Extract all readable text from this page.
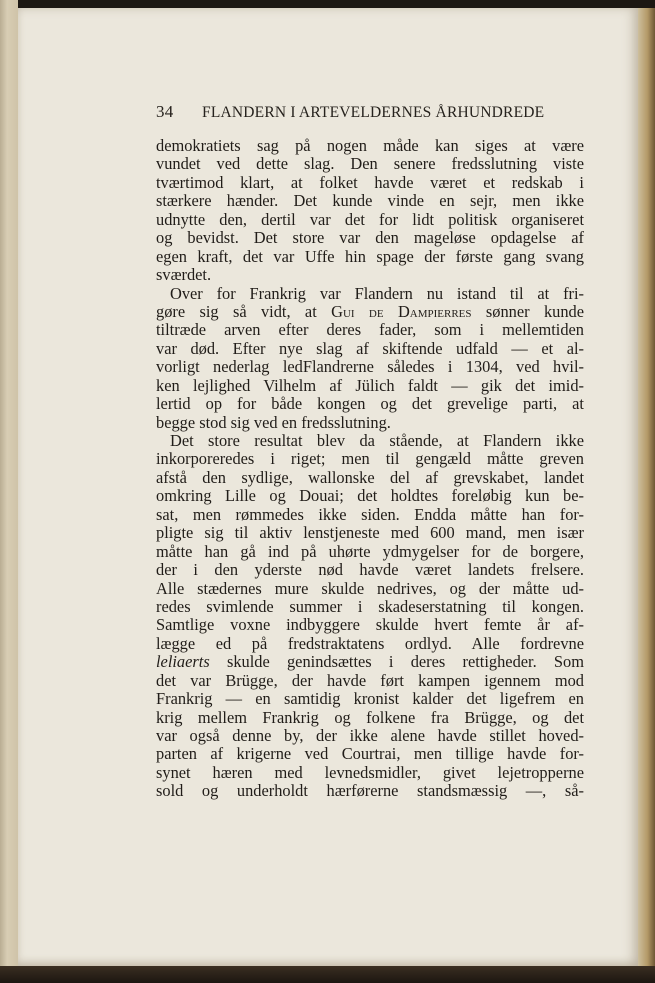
34 FLANDERN I ARTEVELDERNES ÅRHUNDREDE
demokratiets sag på nogen måde kan siges at være
vundet ved dette slag. Den senere fredsslutning viste
tværtimod klart, at folket havde været et redskab i
stærkere hænder. Det kunde vinde en sejr, men ikke
udnytte den, dertil var det for lidt politisk organiseret
og bevidst. Det store var den mageløse opdagelse af
egen kraft, det var Uffe hin spage der første gang svang
sværdet.
Over for Frankrig var Flandern nu istand til at fri-
gøre sig så vidt, at Gui de Dampierres sønner kunde
tiltræde arven efter deres fader, som i mellemtiden
var død. Efter nye slag af skiftende udfald — et al-
vorligt nederlag ledFlandrerne således i 1304, ved hvil-
ken lejlighed Vilhelm af Jülich faldt — gik det imid-
lertid op for både kongen og det grevelige parti, at
begge stod sig ved en fredsslutning.
Det store resultat blev da stående, at Flandern ikke
inkorporeredes i riget; men til gengæld måtte greven
afstå den sydlige, wallonske del af grevskabet, landet
omkring Lille og Douai; det holdtes foreløbig kun be-
sat, men rømmedes ikke siden. Endda måtte han for-
pligte sig til aktiv lenstjeneste med 600 mand, men især
måtte han gå ind på uhørte ydmygelser for de borgere,
der i den yderste nød havde været landets frelsere.
Alle stædernes mure skulde nedrives, og der måtte ud-
redes svimlende summer i skadeserstatning til kongen.
Samtlige voxne indbyggere skulde hvert femte år af-
lægge ed på fredstraktatens ordlyd. Alle fordrevne
leliaerts skulde genindsættes i deres rettigheder. Som
det var Brügge, der havde ført kampen igennem mod
Frankrig — en samtidig kronist kalder det ligefrem en
krig mellem Frankrig og folkene fra Brügge, og det
var også denne by, der ikke alene havde stillet hoved-
parten af krigerne ved Courtrai, men tillige havde for-
synet hæren med levnedsmidler, givet lejetropperne
sold og underholdt hærførerne standsmæssig —, så-
